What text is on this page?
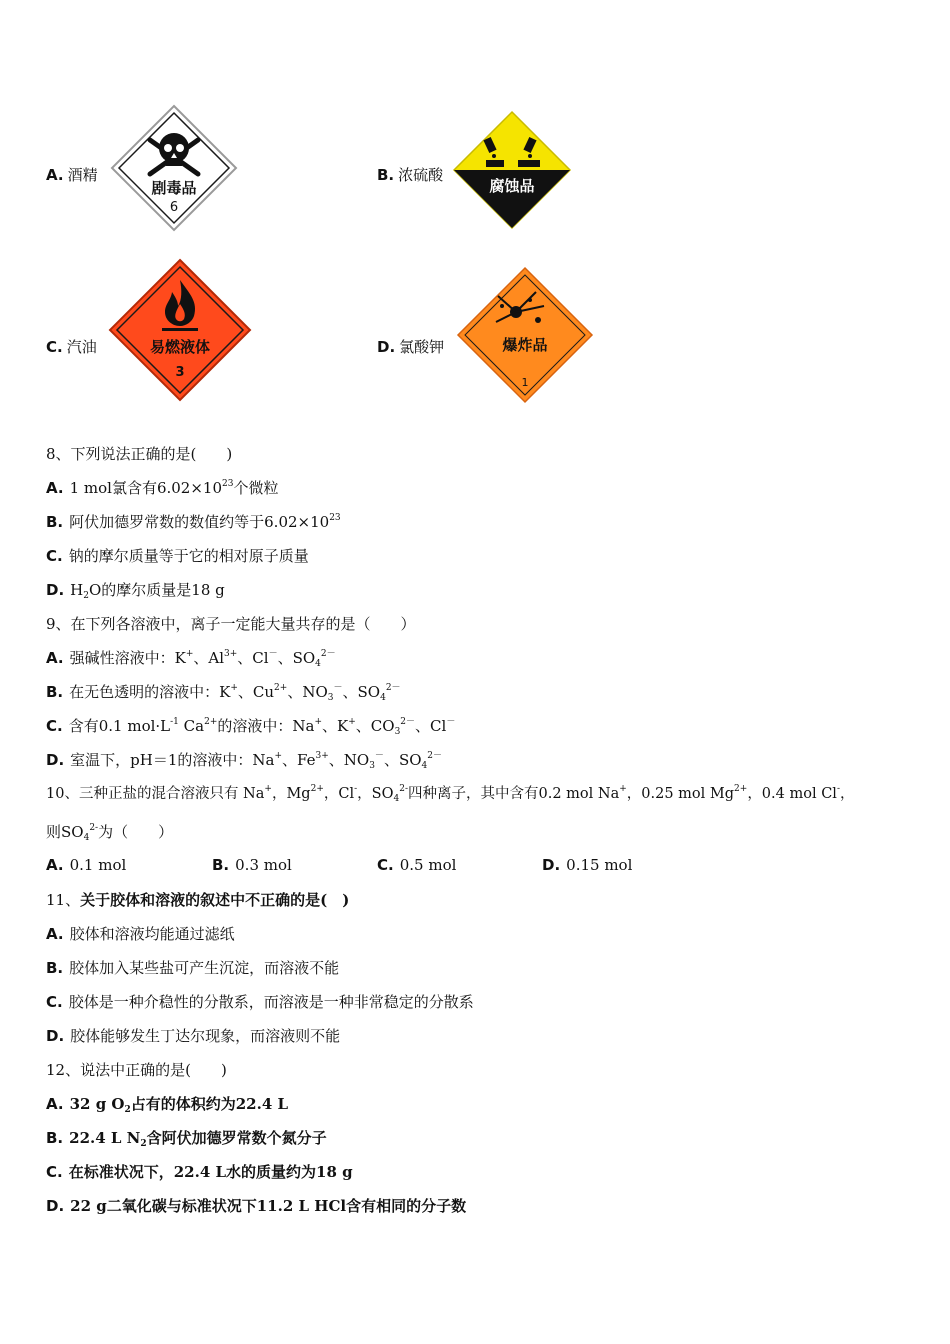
A. 酒精
剧毒品
6
B. 浓硫酸
腐蚀品
C. 汽油	易燃液体
3
D. 氯酸钾	爆炸品
1
8、下列说法正确的是(　　)
A. 1 mol氯含有$6.02\times 10^{23}$个微粒
B. 阿伏加德罗常数的数值约等于$6.02\times 10^{23}$
C. 钠的摩尔质量等于它的相对原子质量
D. $H_2O$的摩尔质量是18 g
9、在下列各溶液中，离子一定能大量共存的是（　　）
A. 强碱性溶液中：K+、$Al^{3+}$、Cl－、$SO_4^{2-}$
B. 在无色透明的溶液中：K+、$Cu^{2+}$、$NO_3^-$、$SO_4^{2-}$
C. 含有0.1 $mol\cdot L^{-1}$ $Ca^{2+}$的溶液中：Na+、K+、$CO_3^{2-}$、Cl－
D. 室温下，pH＝1的溶液中：Na+、$Fe^{3+}$、$NO_3^-$、$SO_4^{2-}$
10、三种正盐的混合溶液只有 Na+，$Mg^{2+}$，Cl-，$SO_4^{2-}$四种离子，其中含有0.2 mol Na+，0.25 mol $Mg^{2+}$，0.4 mol Cl-，
则$SO_4^{2-}$为（　　）
A. 0.1 mol	B. 0.3 mol	C. 0.5 mol	D. 0.15 mol
11、关于胶体和溶液的叙述中不正确的是(　)
A. 胶体和溶液均能通过滤纸
B. 胶体加入某些盐可产生沉淀，而溶液不能
C. 胶体是一种介稳性的分散系，而溶液是一种非常稳定的分散系
D. 胶体能够发生丁达尔现象，而溶液则不能
12、说法中正确的是(　　)
A. 32 g $O_2$占有的体积约为22.4 L
B. 22.4 L $N_2$含阿伏加德罗常数个氮分子
C. 在标准状况下，22.4 L水的质量约为18 g
D. 22 g二氧化碳与标准状况下11.2 L HCl含有相同的分子数
